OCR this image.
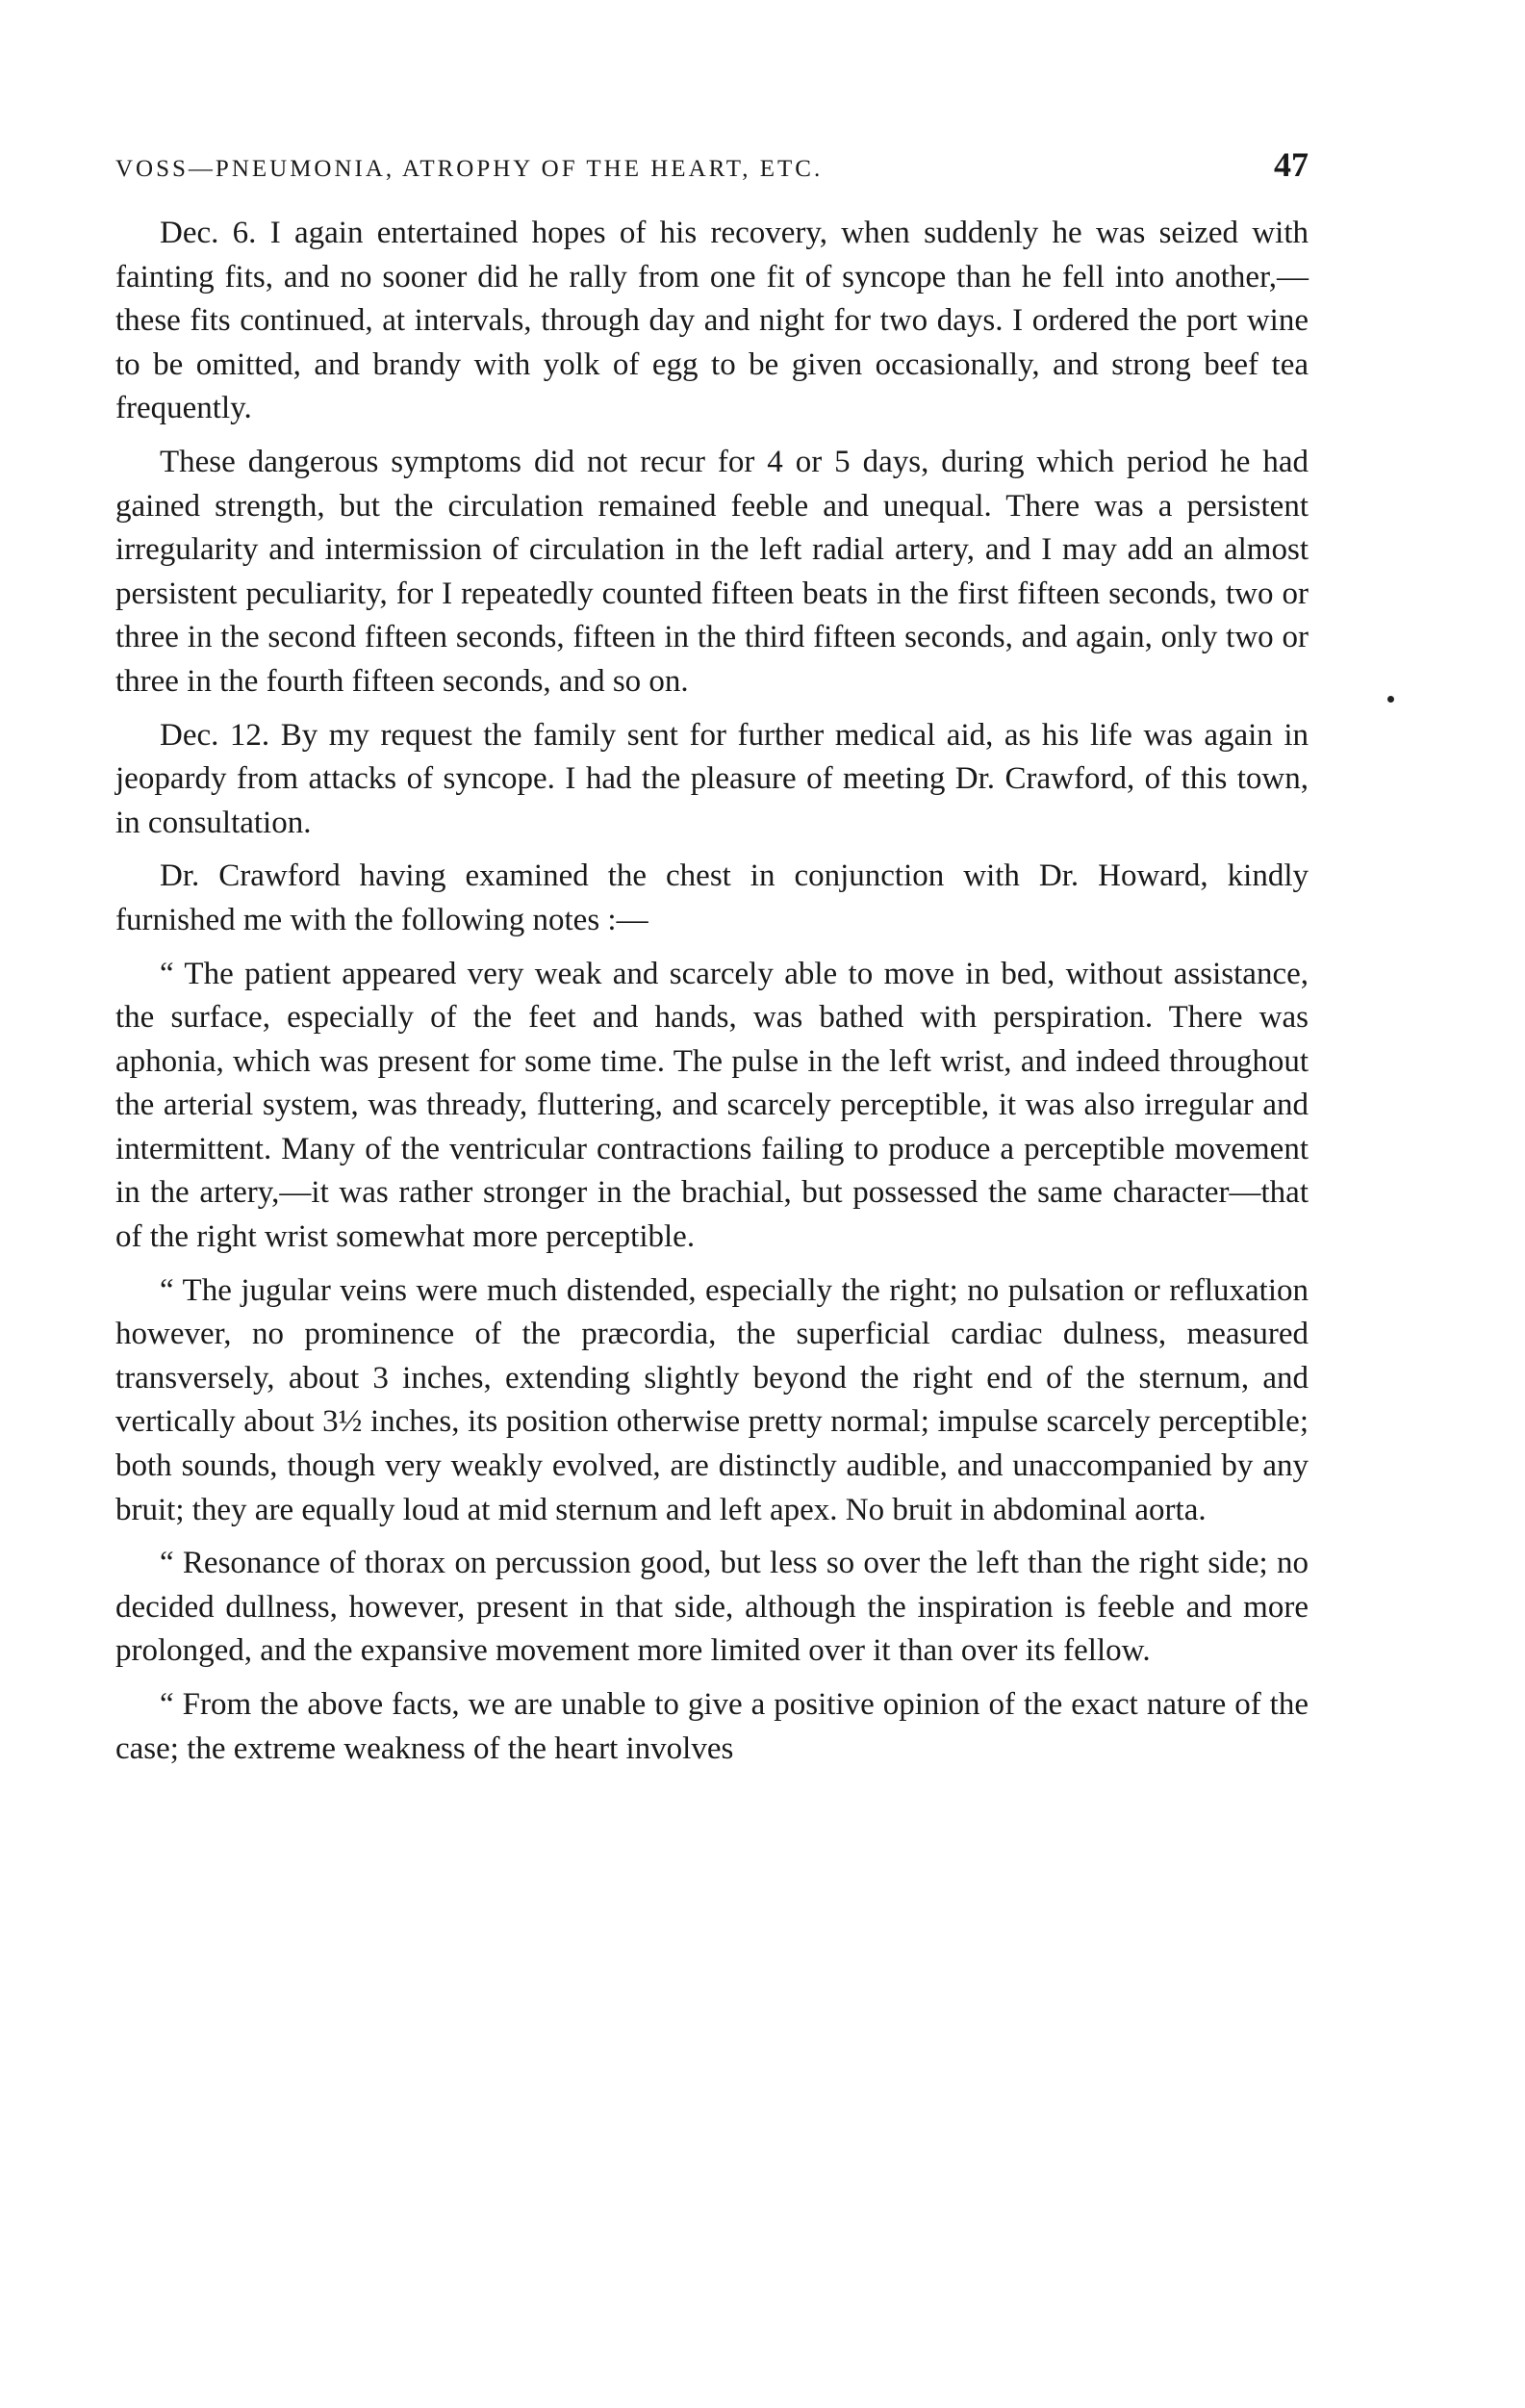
VOSS—PNEUMONIA, ATROPHY OF THE HEART, ETC.	47

Dec. 6. I again entertained hopes of his recovery, when suddenly he was seized with fainting fits, and no sooner did he rally from one fit of syncope than he fell into another,—these fits continued, at intervals, through day and night for two days. I ordered the port wine to be omitted, and brandy with yolk of egg to be given occasionally, and strong beef tea frequently.

These dangerous symptoms did not recur for 4 or 5 days, during which period he had gained strength, but the circulation remained feeble and unequal. There was a persistent irregularity and intermission of circulation in the left radial artery, and I may add an almost persistent peculiarity, for I repeatedly counted fifteen beats in the first fifteen seconds, two or three in the second fifteen seconds, fifteen in the third fifteen seconds, and again, only two or three in the fourth fifteen seconds, and so on.

Dec. 12. By my request the family sent for further medical aid, as his life was again in jeopardy from attacks of syncope. I had the pleasure of meeting Dr. Crawford, of this town, in consultation.

Dr. Crawford having examined the chest in conjunction with Dr. Howard, kindly furnished me with the following notes :—

“ The patient appeared very weak and scarcely able to move in bed, without assistance, the surface, especially of the feet and hands, was bathed with perspiration. There was aphonia, which was present for some time. The pulse in the left wrist, and indeed throughout the arterial system, was thready, fluttering, and scarcely perceptible, it was also irregular and intermittent. Many of the ventricular contractions failing to produce a perceptible movement in the artery,—it was rather stronger in the brachial, but possessed the same character—that of the right wrist somewhat more perceptible.

“ The jugular veins were much distended, especially the right; no pulsation or refluxation however, no prominence of the præcordia, the superficial cardiac dulness, measured transversely, about 3 inches, extending slightly beyond the right end of the sternum, and vertically about 3½ inches, its position otherwise pretty normal; impulse scarcely perceptible; both sounds, though very weakly evolved, are distinctly audible, and unaccompanied by any bruit; they are equally loud at mid sternum and left apex. No bruit in abdominal aorta.

“ Resonance of thorax on percussion good, but less so over the left than the right side; no decided dullness, however, present in that side, although the inspiration is feeble and more prolonged, and the expansive movement more limited over it than over its fellow.

“ From the above facts, we are unable to give a positive opinion of the exact nature of the case; the extreme weakness of the heart involves
